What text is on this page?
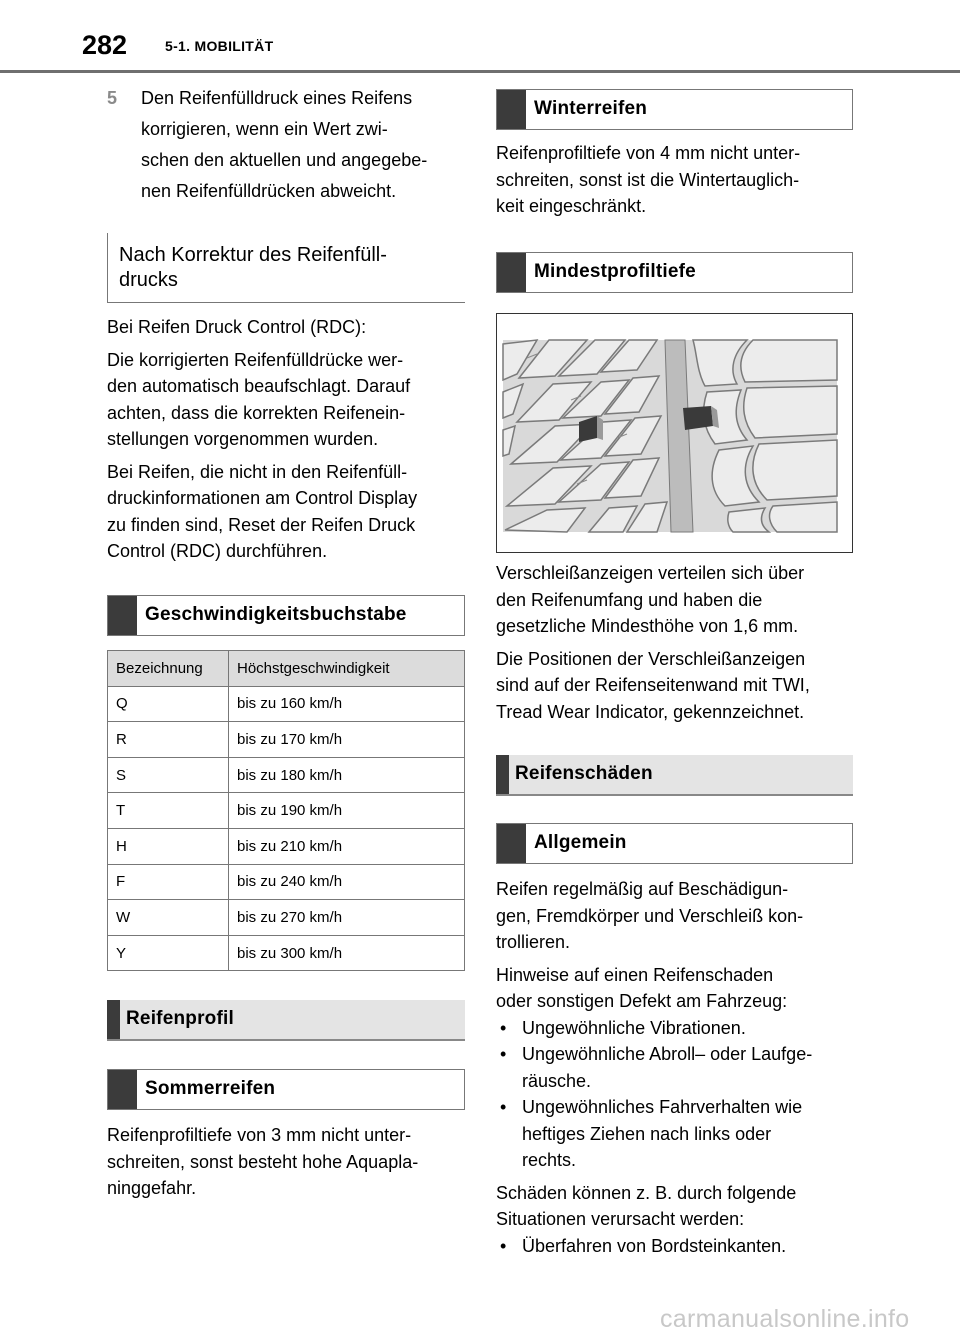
282	5-1. MOBILITÄT
5 Den Reifenfülldruck eines Reifens
korrigieren, wenn ein Wert zwi-
schen den aktuellen und angegebe-
nen Reifenfülldrücken abweicht.
Nach Korrektur des Reifenfüll-
drucks

Bei Reifen Druck Control (RDC):

Die korrigierten Reifenfülldrücke wer-
den automatisch beaufschlagt. Darauf
achten, dass die korrekten Reifenein-
stellungen vorgenommen wurden.

Bei Reifen, die nicht in den Reifenfüll-
druckinformationen am Control Display
zu finden sind, Reset der Reifen Druck
Control (RDC) durchführen.

Geschwindigkeitsbuchstabe
Bezeichnung	Höchstgeschwindigkeit
Q	bis zu 160 km/h
R	bis zu 170 km/h
S	bis zu 180 km/h
T	bis zu 190 km/h
H	bis zu 210 km/h
F	bis zu 240 km/h
W	bis zu 270 km/h
Y	bis zu 300 km/h
Reifenprofil
Sommerreifen

Reifenprofiltiefe von 3 mm nicht unter-
schreiten, sonst besteht hohe Aquapla-
ninggefahr.

Winterreifen

Reifenprofiltiefe von 4 mm nicht unter-
schreiten, sonst ist die Wintertauglich-
keit eingeschränkt.

Mindestprofiltiefe

Verschleißanzeigen verteilen sich über
den Reifenumfang und haben die
gesetzliche Mindesthöhe von 1,6 mm.

Die Positionen der Verschleißanzeigen
sind auf der Reifenseitenwand mit TWI,
Tread Wear Indicator, gekennzeichnet.

Reifenschäden
Allgemein

Reifen regelmäßig auf Beschädigun-
gen, Fremdkörper und Verschleiß kon-
trollieren.

Hinweise auf einen Reifenschaden
oder sonstigen Defekt am Fahrzeug:

• Ungewöhnliche Vibrationen.
• Ungewöhnliche Abroll– oder Laufge-
räusche.
• Ungewöhnliches Fahrverhalten wie
heftiges Ziehen nach links oder
rechts.

Schäden können z. B. durch folgende
Situationen verursacht werden:

• Überfahren von Bordsteinkanten.
carmanualsonline.info
